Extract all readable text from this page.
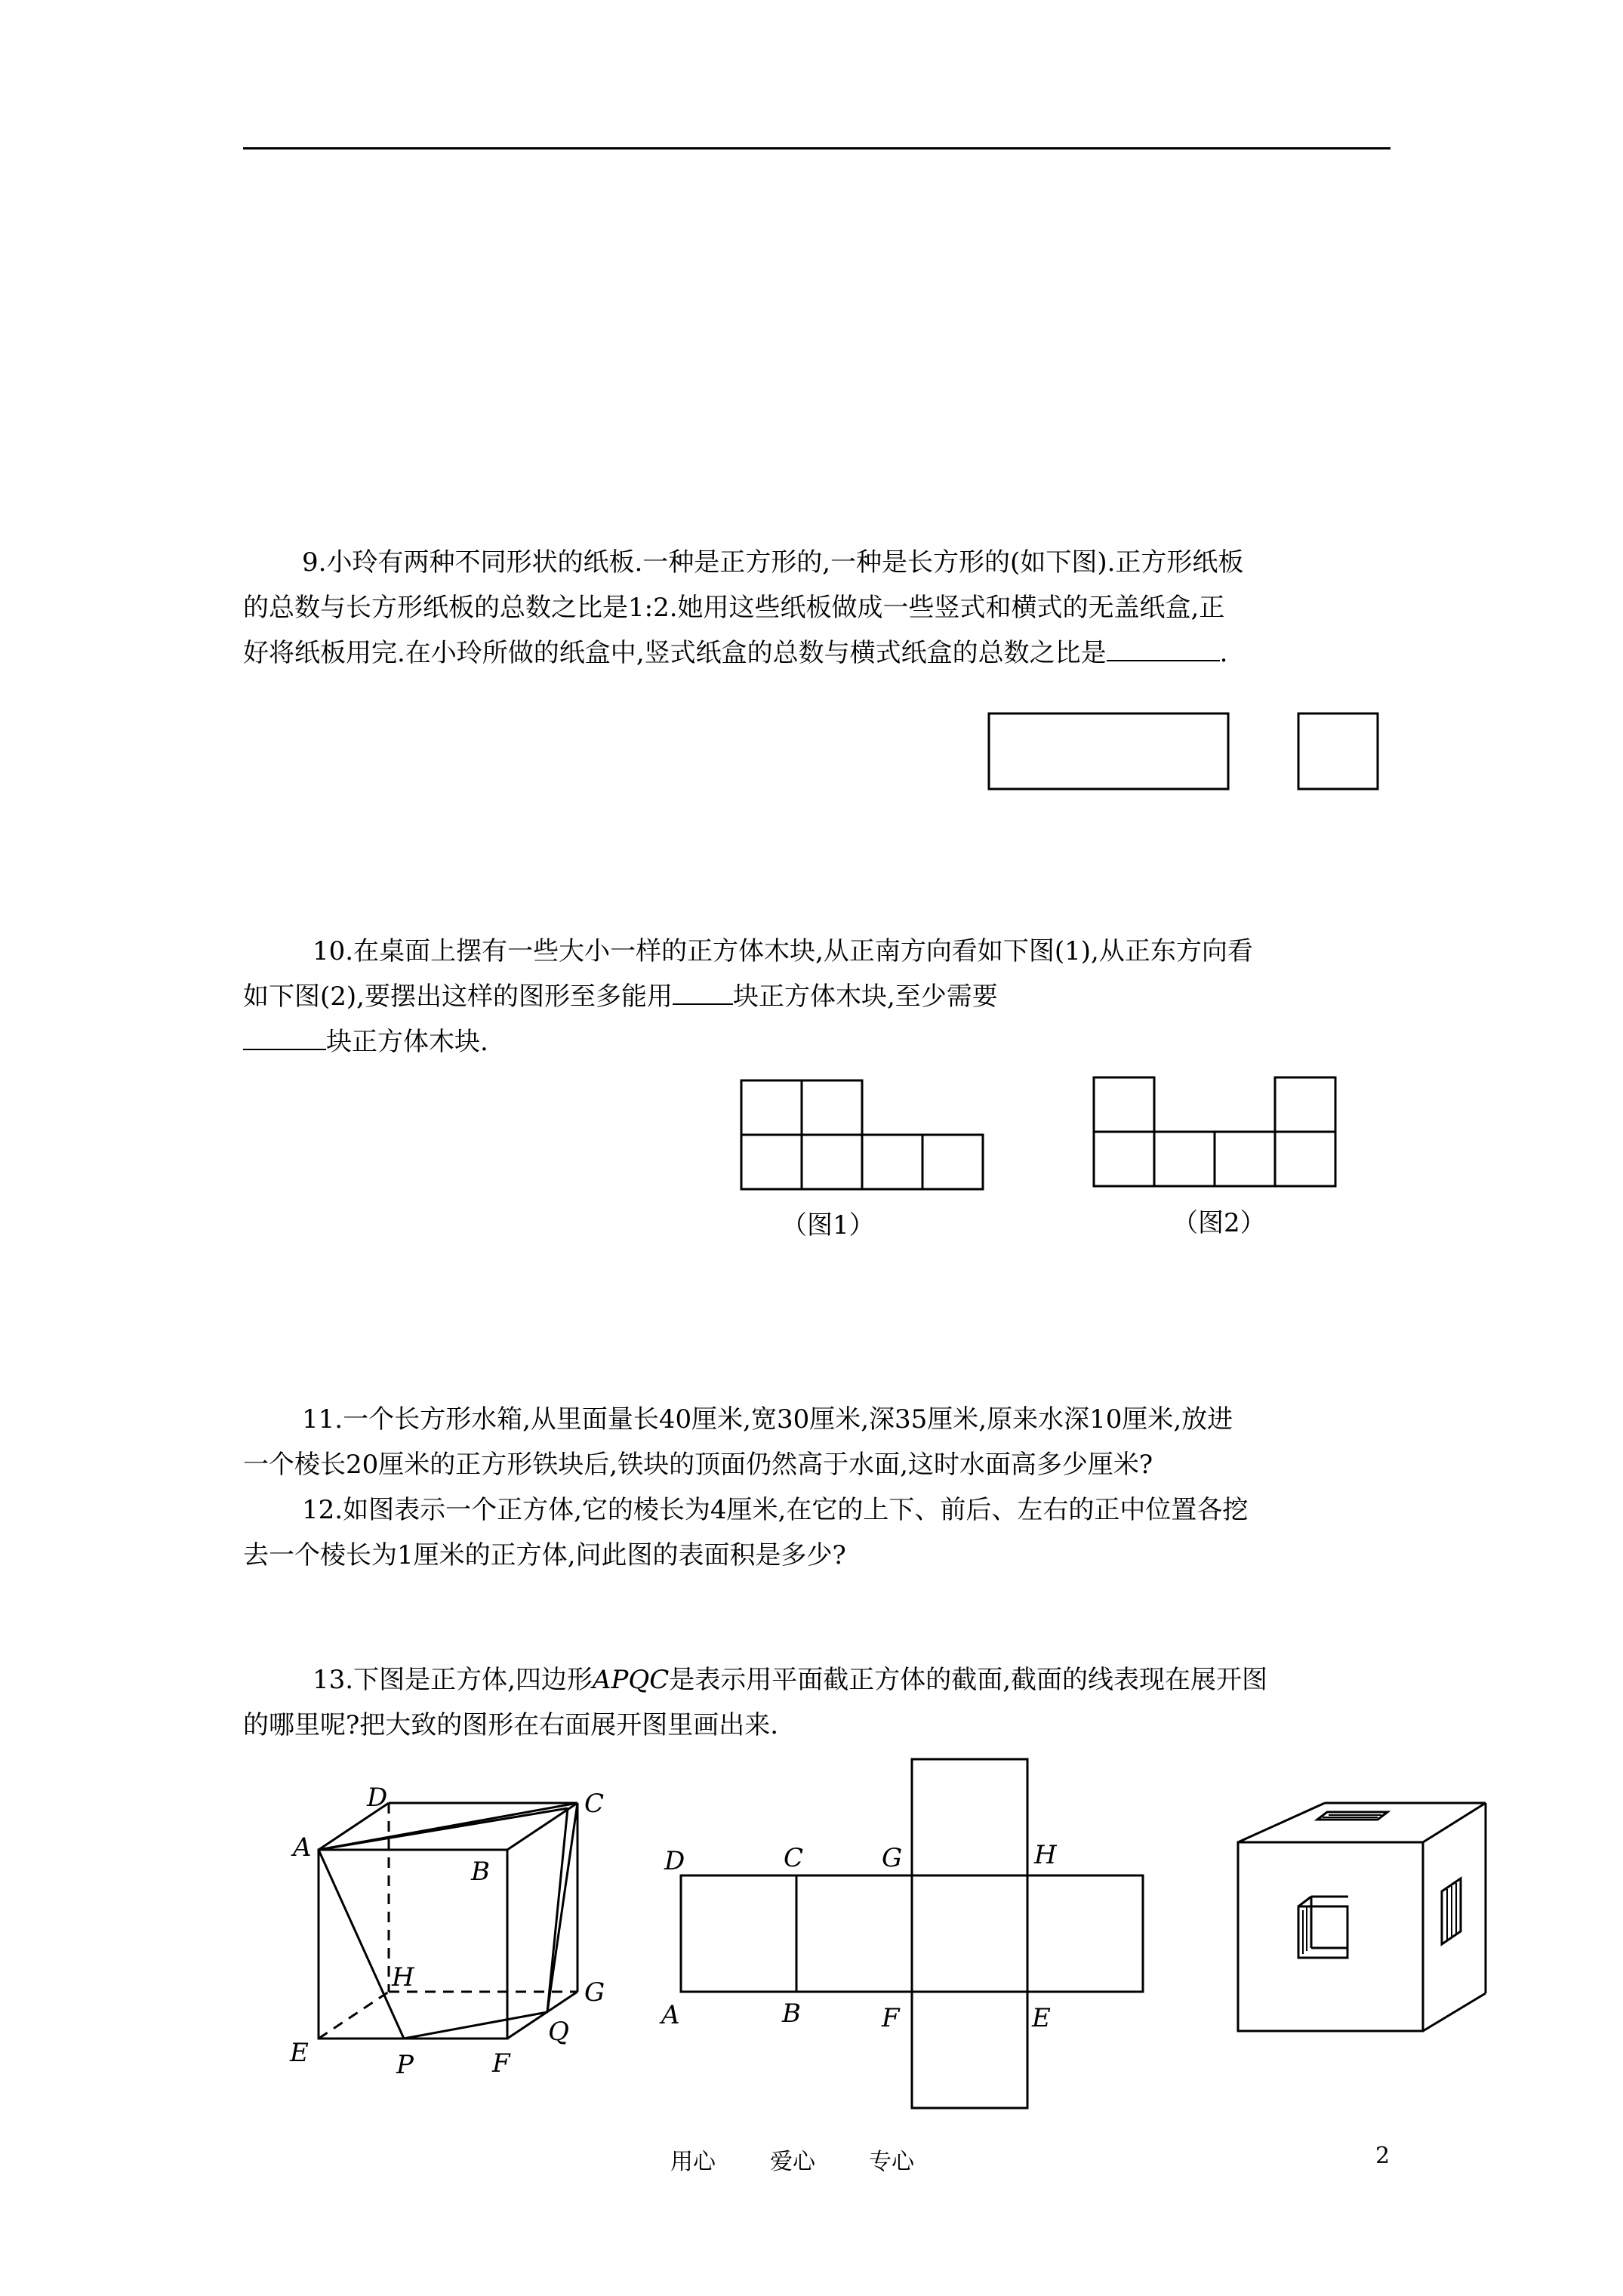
9.小玲有两种不同形状的纸板.一种是正方形的,一种是长方形的(如下图).正方形纸板
的总数与长方形纸板的总数之比是1:2.她用这些纸板做成一些竖式和横式的无盖纸盒,正
好将纸板用完.在小玲所做的纸盒中,竖式纸盒的总数与横式纸盒的总数之比是	.
10.在桌面上摆有一些大小一样的正方体木块,从正南方向看如下图(1),从正东方向看
如下图(2),要摆出这样的图形至多能用 块正方体木块,至少需要
块正方体木块.
（图1）	（图2）
11.一个长方形水箱,从里面量长40厘米,宽30厘米,深35厘米,原来水深10厘米,放进
一个棱长20厘米的正方形铁块后,铁块的顶面仍然高于水面,这时水面高多少厘米?
12.如图表示一个正方体,它的棱长为4厘米,在它的上下、前后、左右的正中位置各挖
去一个棱长为1厘米的正方体,问此图的表面积是多少?
13.下图是正方体,四边形APQC是表示用平面截正方体的截面,截面的线表现在展开图
的哪里呢?把大致的图形在右面展开图里画出来.
D	C
A
B
H	G
E	P	F
Q
D	C	G	H
A	B	F	E
用心 爱心 专心	2
